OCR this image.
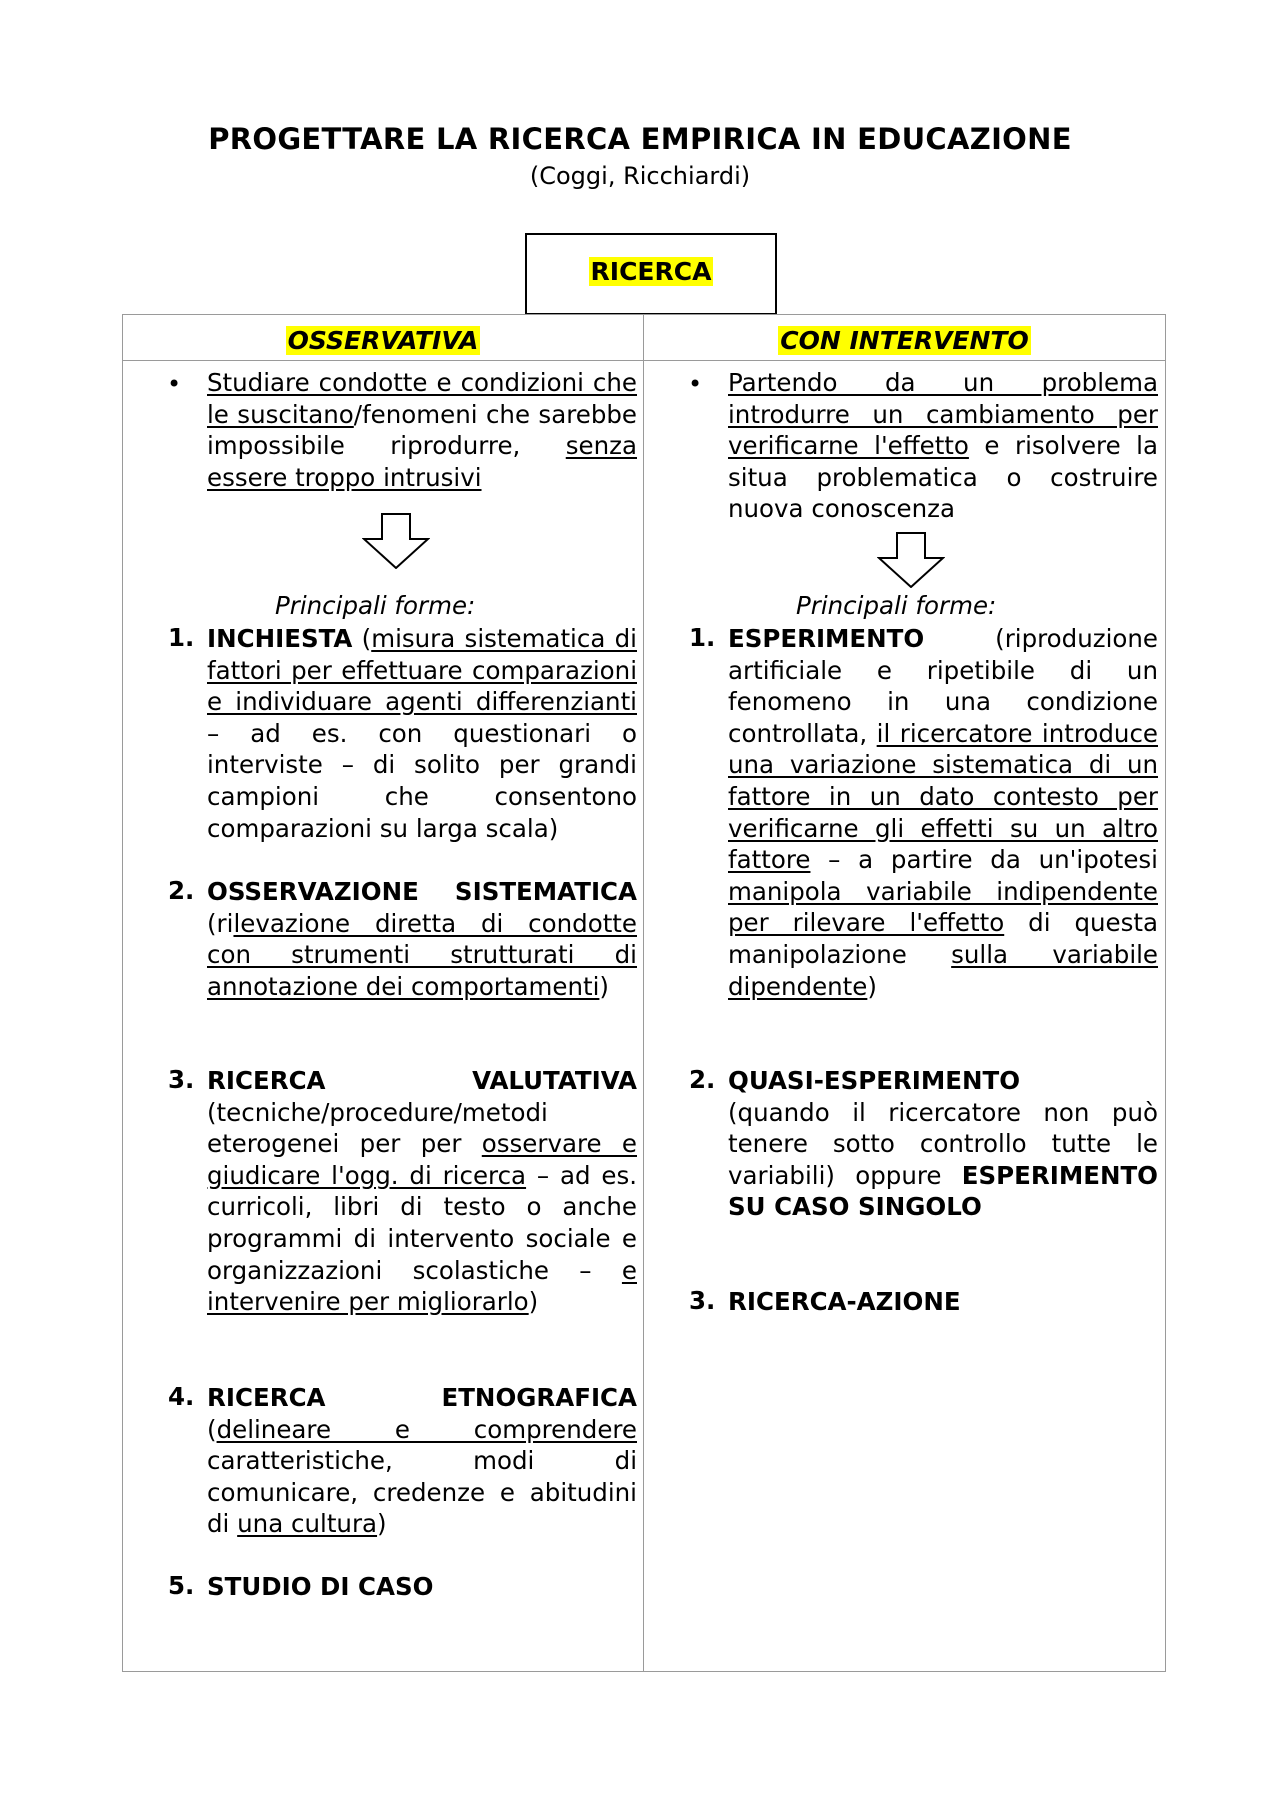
PROGETTARE LA RICERCA EMPIRICA IN EDUCAZIONE
(Coggi, Ricchiardi)
RICERCA
OSSERVATIVA	CON INTERVENTO
• Studiare condotte e condizioni che le suscitano/fenomeni che sarebbe impossibile riprodurre, senza essere troppo intrusivi

Principali forme:
1. INCHIESTA (misura sistematica di fattori per effettuare comparazioni e individuare agenti differenzianti – ad es. con questionari o interviste – di solito per grandi campioni che consentono comparazioni su larga scala)

2. OSSERVAZIONE SISTEMATICA (rilevazione diretta di condotte con strumenti strutturati di annotazione dei comportamenti)

3. RICERCA VALUTATIVA

(tecniche/procedure/metodi eterogenei per per osservare e giudicare l'ogg. di ricerca – ad es. curricoli, libri di testo o anche programmi di intervento sociale e organizzazioni scolastiche – e intervenire per migliorarlo)

4. RICERCA ETNOGRAFICA

(delineare e comprendere caratteristiche, modi di comunicare, credenze e abitudini di una cultura)

5. STUDIO DI CASO
• Partendo da un problema introdurre un cambiamento per verificarne l'effetto e risolvere la situa problematica o costruire nuova conoscenza

Principali forme:
1. ESPERIMENTO (riproduzione artificiale e ripetibile di un fenomeno in una condizione controllata, il ricercatore introduce una variazione sistematica di un fattore in un dato contesto per verificarne gli effetti su un altro fattore – a partire da un'ipotesi manipola variabile indipendente per rilevare l'effetto di questa manipolazione sulla variabile dipendente)

2. QUASI-ESPERIMENTO

(quando il ricercatore non può tenere sotto controllo tutte le variabili) oppure ESPERIMENTO SU CASO SINGOLO

3. RICERCA-AZIONE
